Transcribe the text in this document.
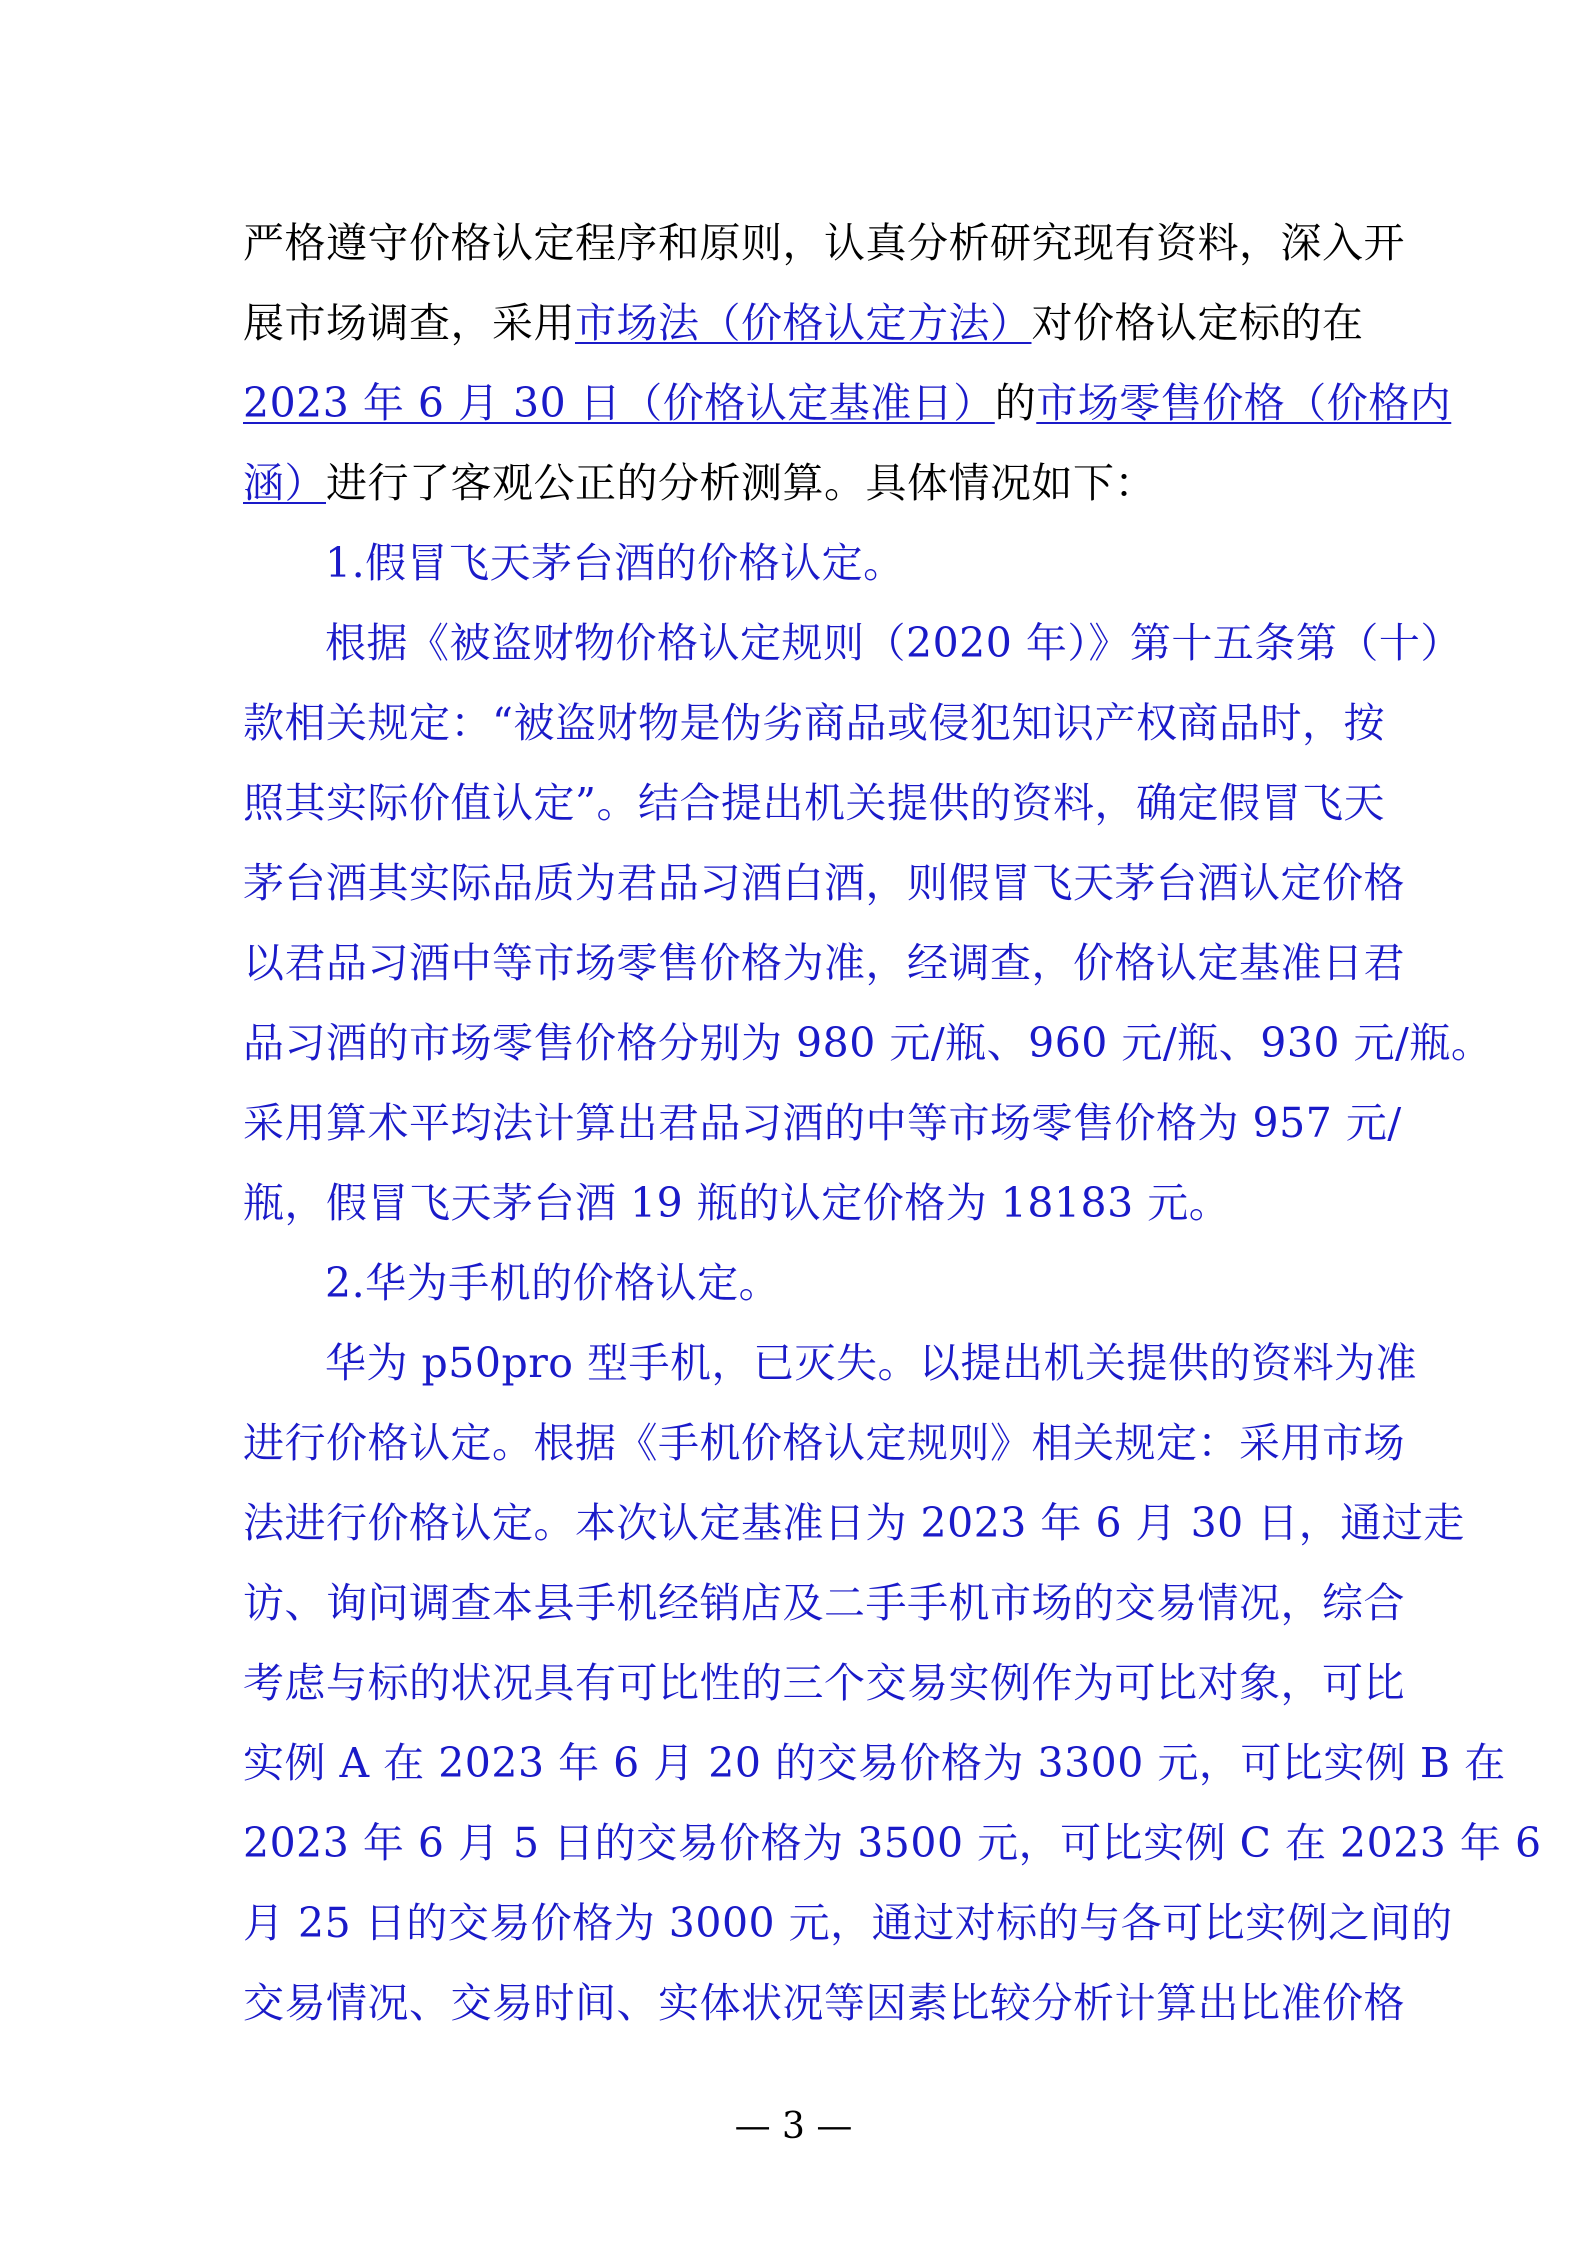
严格遵守价格认定程序和原则，认真分析研究现有资料，深入开
展市场调查，采用市场法（价格认定方法）对价格认定标的在
2023 年 6 月 30 日（价格认定基准日）的市场零售价格（价格内
涵）进行了客观公正的分析测算。具体情况如下：
1.假冒飞天茅台酒的价格认定。
根据《被盗财物价格认定规则（2020 年）》第十五条第（十）
款相关规定：“被盗财物是伪劣商品或侵犯知识产权商品时，按
照其实际价值认定”。结合提出机关提供的资料，确定假冒飞天
茅台酒其实际品质为君品习酒白酒，则假冒飞天茅台酒认定价格
以君品习酒中等市场零售价格为准，经调查，价格认定基准日君
品习酒的市场零售价格分别为 980 元/瓶、960 元/瓶、930 元/瓶。
采用算术平均法计算出君品习酒的中等市场零售价格为 957 元/
瓶，假冒飞天茅台酒 19 瓶的认定价格为 18183 元。
2.华为手机的价格认定。
华为 p50pro 型手机，已灭失。以提出机关提供的资料为准
进行价格认定。根据《手机价格认定规则》相关规定：采用市场
法进行价格认定。本次认定基准日为 2023 年 6 月 30 日，通过走
访、询问调查本县手机经销店及二手手机市场的交易情况，综合
考虑与标的状况具有可比性的三个交易实例作为可比对象，可比
实例 A 在 2023 年 6 月 20 的交易价格为 3300 元，可比实例 B 在
2023 年 6 月 5 日的交易价格为 3500 元，可比实例 C 在 2023 年 6
月 25 日的交易价格为 3000 元，通过对标的与各可比实例之间的
交易情况、交易时间、实体状况等因素比较分析计算出比准价格
— 3 —
